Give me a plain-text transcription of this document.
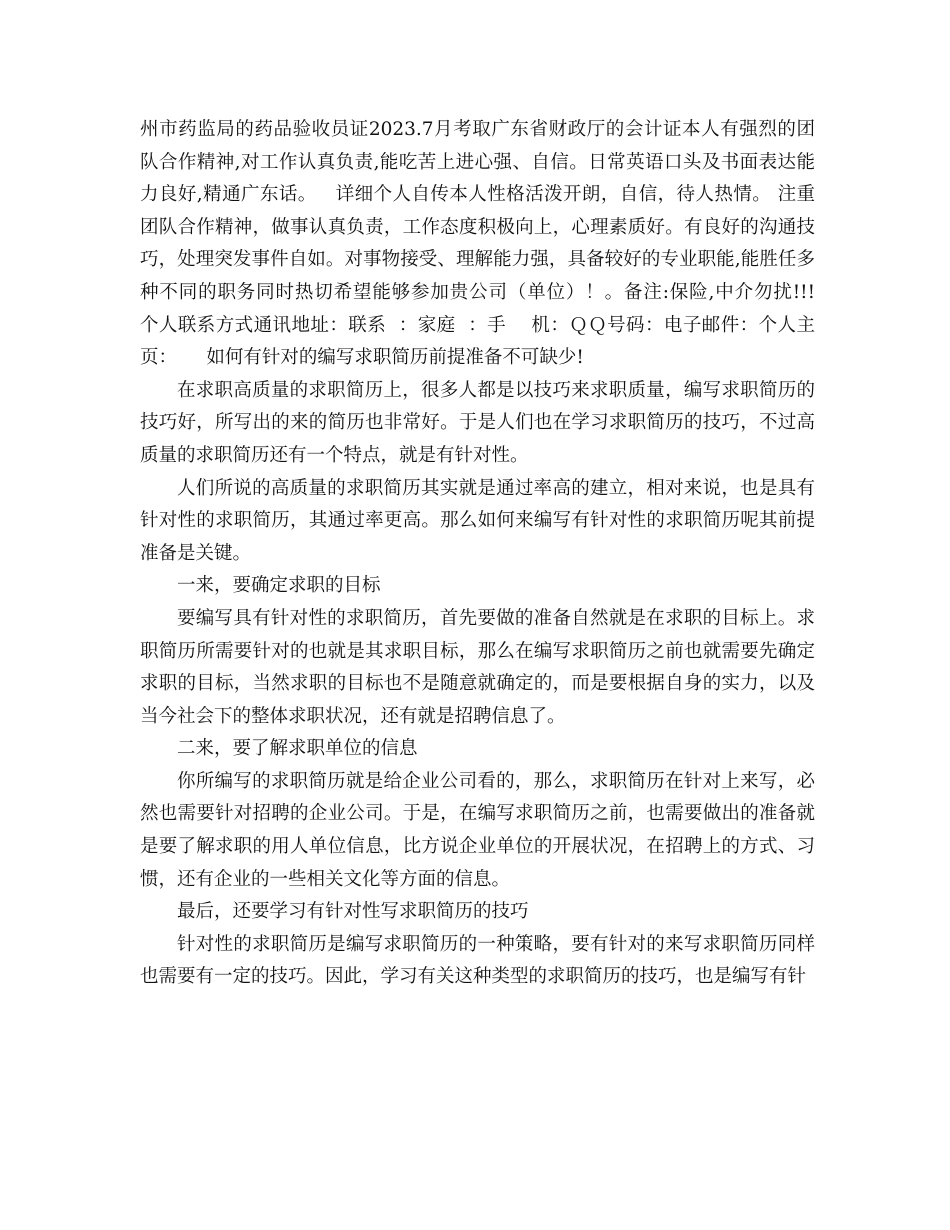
州市药监局的药品验收员证2023.7月考取广东省财政厅的会计证本人有强烈的团队合作精神,对工作认真负责,能吃苦上进心强、自信。日常英语口头及书面表达能力良好,精通广东话。   详细个人自传本人性格活泼开朗，自信，待人热情。 注重团队合作精神，做事认真负责，工作态度积极向上，心理素质好。有良好的沟通技巧，处理突发事件自如。对事物接受、理解能力强，具备较好的专业职能,能胜任多种不同的职务同时热切希望能够参加贵公司（单位）！。备注:保险,中介勿扰!!!  个人联系方式通讯地址：联系  ：家庭  ：手    机：ＱＱ号码：电子邮件：个人主页：     如何有针对的编写求职简历前提准备不可缺少!

在求职高质量的求职简历上，很多人都是以技巧来求职质量，编写求职简历的技巧好，所写出的来的简历也非常好。于是人们也在学习求职简历的技巧，不过高质量的求职简历还有一个特点，就是有针对性。

人们所说的高质量的求职简历其实就是通过率高的建立，相对来说，也是具有针对性的求职简历，其通过率更高。那么如何来编写有针对性的求职简历呢其前提准备是关键。

一来，要确定求职的目标

要编写具有针对性的求职简历，首先要做的准备自然就是在求职的目标上。求职简历所需要针对的也就是其求职目标，那么在编写求职简历之前也就需要先确定求职的目标，当然求职的目标也不是随意就确定的，而是要根据自身的实力，以及当今社会下的整体求职状况，还有就是招聘信息了。

二来，要了解求职单位的信息

你所编写的求职简历就是给企业公司看的，那么，求职简历在针对上来写，必然也需要针对招聘的企业公司。于是，在编写求职简历之前，也需要做出的准备就是要了解求职的用人单位信息，比方说企业单位的开展状况，在招聘上的方式、习惯，还有企业的一些相关文化等方面的信息。

最后，还要学习有针对性写求职简历的技巧

针对性的求职简历是编写求职简历的一种策略，要有针对的来写求职简历同样也需要有一定的技巧。因此，学习有关这种类型的求职简历的技巧，也是编写有针
